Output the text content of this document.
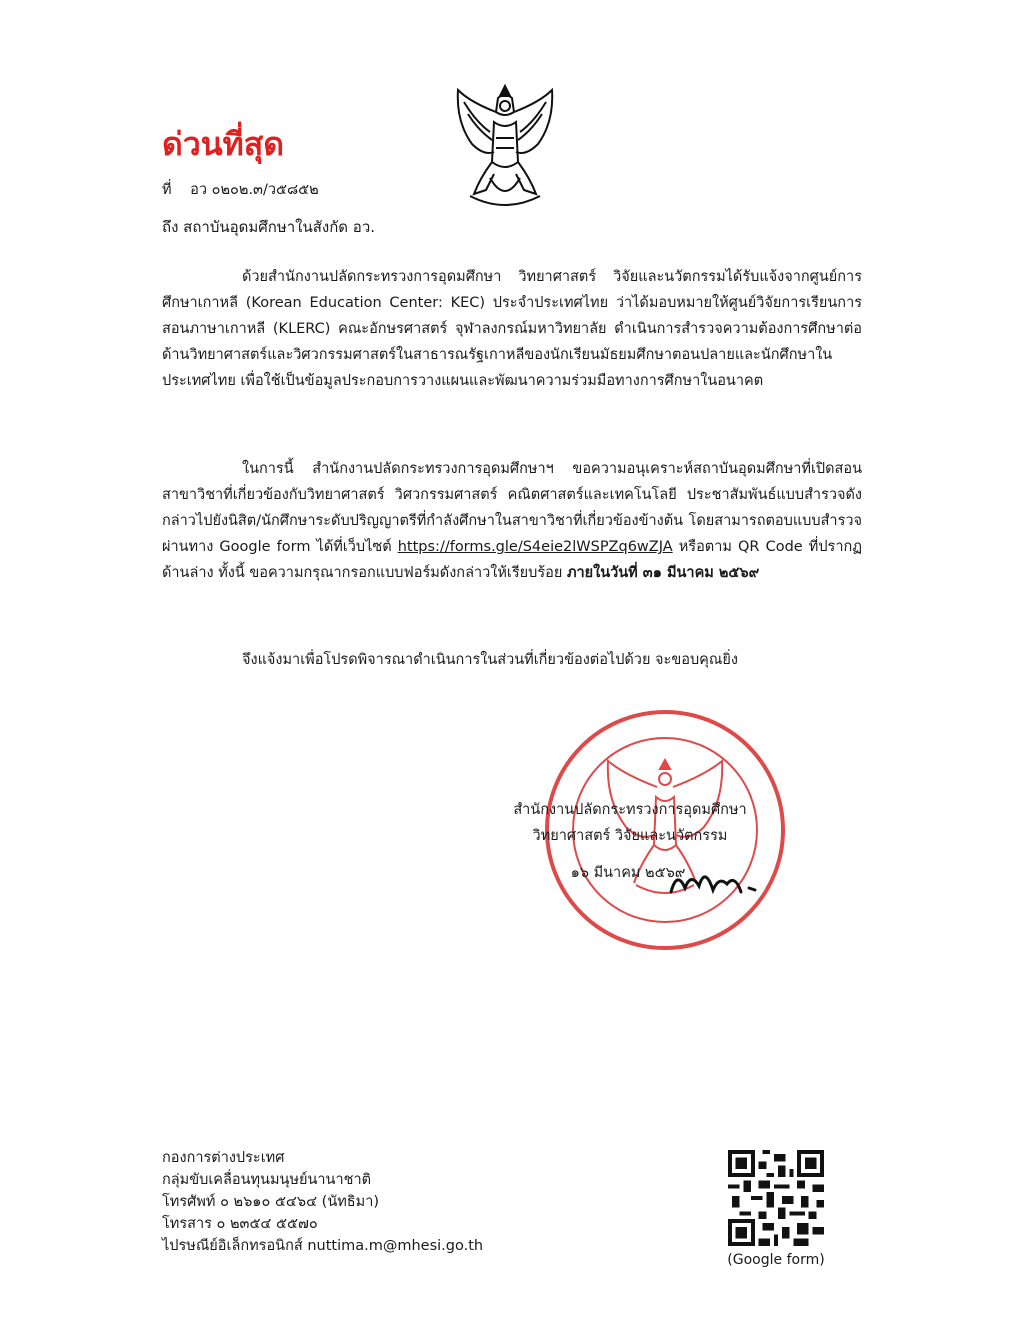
ด่วนที่สุด
ที่ อว ๐๒๐๒.๓/ว๕๘๕๒
ถึง สถาบันอุดมศึกษาในสังกัด อว.
ด้วยสำนักงานปลัดกระทรวงการอุดมศึกษา วิทยาศาสตร์ วิจัยและนวัตกรรมได้รับแจ้งจากศูนย์การศึกษาเกาหลี (Korean Education Center: KEC) ประจำประเทศไทย ว่าได้มอบหมายให้ศูนย์วิจัยการเรียนการสอนภาษาเกาหลี (KLERC) คณะอักษรศาสตร์ จุฬาลงกรณ์มหาวิทยาลัย ดำเนินการสำรวจความต้องการศึกษาต่อด้านวิทยาศาสตร์และวิศวกรรมศาสตร์ในสาธารณรัฐเกาหลีของนักเรียนมัธยมศึกษาตอนปลายและนักศึกษาในประเทศไทย เพื่อใช้เป็นข้อมูลประกอบการวางแผนและพัฒนาความร่วมมือทางการศึกษาในอนาคต
ในการนี้ สำนักงานปลัดกระทรวงการอุดมศึกษาฯ ขอความอนุเคราะห์สถาบันอุดมศึกษาที่เปิดสอนสาขาวิชาที่เกี่ยวข้องกับวิทยาศาสตร์ วิศวกรรมศาสตร์ คณิตศาสตร์และเทคโนโลยี ประชาสัมพันธ์แบบสำรวจดังกล่าวไปยังนิสิต/นักศึกษาระดับปริญญาตรีที่กำลังศึกษาในสาขาวิชาที่เกี่ยวข้องข้างต้น โดยสามารถตอบแบบสำรวจผ่านทาง Google form ได้ที่เว็บไซต์ https://forms.gle/S4eie2lWSPZq6wZJA หรือตาม QR Code ที่ปรากฏด้านล่าง ทั้งนี้ ขอความกรุณากรอกแบบฟอร์มดังกล่าวให้เรียบร้อย ภายในวันที่ ๓๑ มีนาคม ๒๕๖๙
จึงแจ้งมาเพื่อโปรดพิจารณาดำเนินการในส่วนที่เกี่ยวข้องต่อไปด้วย จะขอบคุณยิ่ง
สำนักงานปลัดกระทรวงการอุดมศึกษา
วิทยาศาสตร์ วิจัยและนวัตกรรม
๑๖ มีนาคม ๒๕๖๙
กองการต่างประเทศ
กลุ่มขับเคลื่อนทุนมนุษย์นานาชาติ
โทรศัพท์ ๐ ๒๖๑๐ ๕๔๖๔ (นัทธิมา)
โทรสาร ๐ ๒๓๕๔ ๕๕๗๐
ไปรษณีย์อิเล็กทรอนิกส์ nuttima.m@mhesi.go.th
(Google form)
